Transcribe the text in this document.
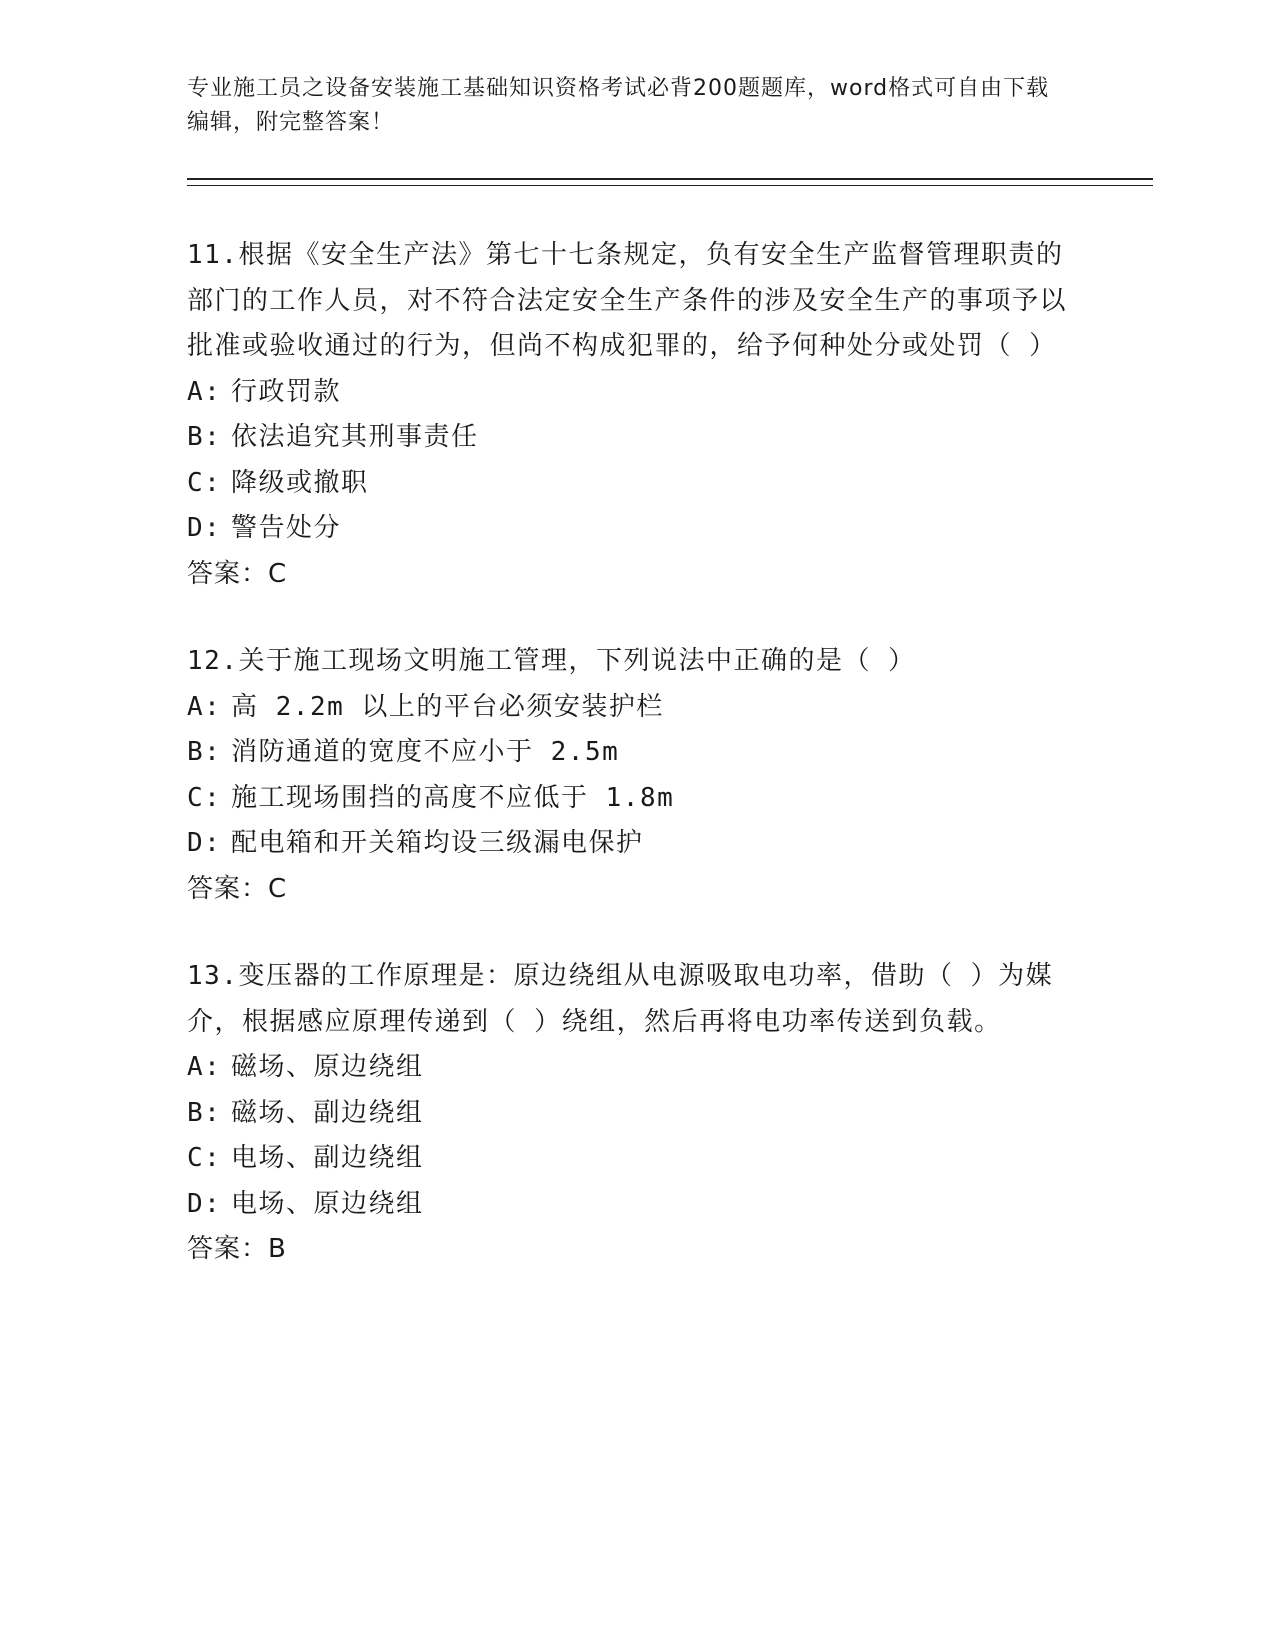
专业施工员之设备安装施工基础知识资格考试必背200题题库，word格式可自由下载编辑，附完整答案！
11.根据《安全生产法》第七十七条规定，负有安全生产监督管理职责的部门的工作人员，对不符合法定安全生产条件的涉及安全生产的事项予以批准或验收通过的行为，但尚不构成犯罪的，给予何种处分或处罚（ ）
A: 行政罚款
B: 依法追究其刑事责任
C: 降级或撤职
D: 警告处分
答案：C
12.关于施工现场文明施工管理，下列说法中正确的是（ ）
A: 高 2.2m 以上的平台必须安装护栏
B: 消防通道的宽度不应小于 2.5m
C: 施工现场围挡的高度不应低于 1.8m
D: 配电箱和开关箱均设三级漏电保护
答案：C
13.变压器的工作原理是：原边绕组从电源吸取电功率，借助（ ）为媒介，根据感应原理传递到（ ）绕组，然后再将电功率传送到负载。
A: 磁场、原边绕组
B: 磁场、副边绕组
C: 电场、副边绕组
D: 电场、原边绕组
答案：B
